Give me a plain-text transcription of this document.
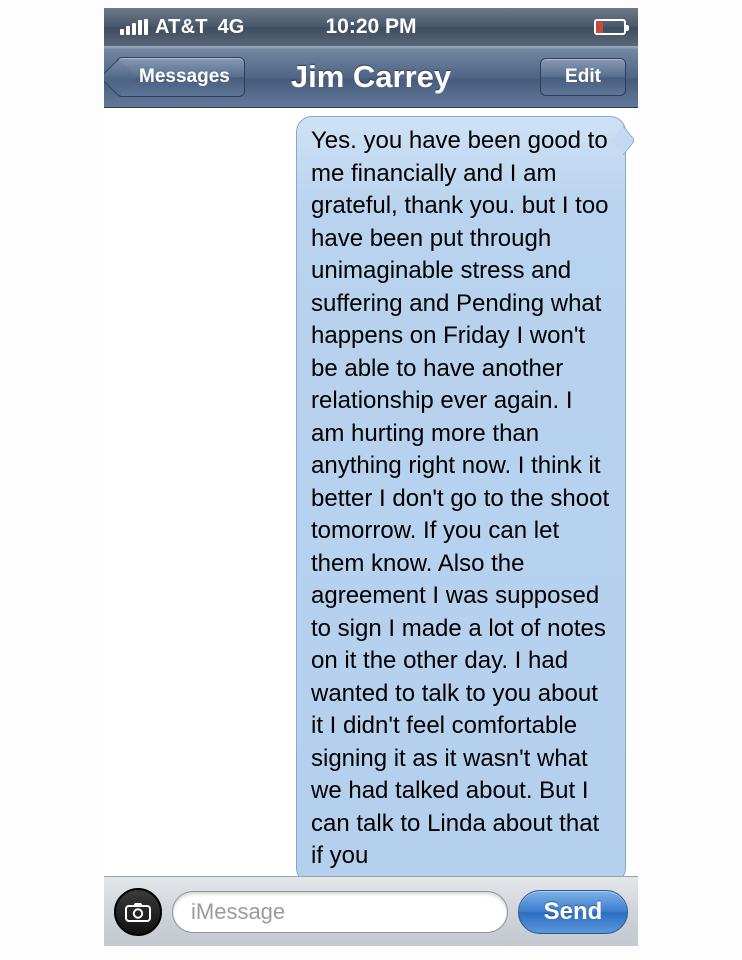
AT&T 4G	10:20 PM
Messages	Jim Carrey	Edit
Yes. you have been good to me financially and I am grateful, thank you. but I too have been put through unimaginable stress and suffering and Pending what happens on Friday I won't be able to have another relationship ever again. I am hurting more than anything right now. I think it better I don't go to the shoot tomorrow. If you can let them know. Also the agreement I was supposed to sign I made a lot of notes on it the other day. I had wanted to talk to you about it I didn't feel comfortable signing it as it wasn't what we had talked about. But I can talk to Linda about that if you
iMessage
Send
